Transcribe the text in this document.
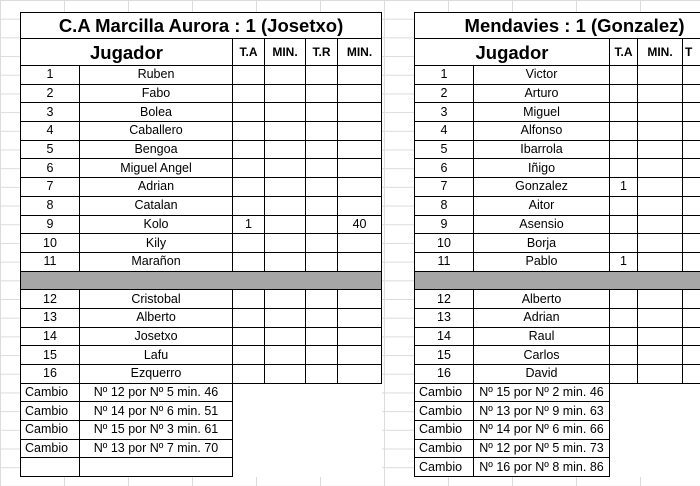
C.A Marcilla Aurora : 1 (Josetxo)					
Jugador		T.A	MIN.	T.R	MIN.
1	Ruben				
2	Fabo				
3	Bolea				
4	Caballero				
5	Bengoa				
6	Miguel Angel				
7	Adrian				
8	Catalan				
9	Kolo	1			40
10	Kily				
11	Marañon				

12	Cristobal				
13	Alberto				
14	Josetxo				
15	Lafu				
16	Ezquerro				
Cambio	Nº 12 por Nº 5 min. 46				
Cambio	Nº 14 por Nº 6 min. 51				
Cambio	Nº 15 por Nº 3 min. 61				
Cambio	Nº 13 por Nº 7 min. 70				

Mendavies : 1 (Gonzalez)				
Jugador		T.A	MIN.	T
1	Victor			
2	Arturo			
3	Miguel			
4	Alfonso			
5	Ibarrola			
6	Iñigo			
7	Gonzalez	1		
8	Aitor			
9	Asensio			
10	Borja			
11	Pablo	1		

12	Alberto			
13	Adrian			
14	Raul			
15	Carlos			
16	David			
Cambio	Nº 15 por Nº 2 min. 46			
Cambio	Nº 13 por Nº 9 min. 63			
Cambio	Nº 14 por Nº 6 min. 66			
Cambio	Nº 12 por Nº 5 min. 73			
Cambio	Nº 16 por Nº 8 min. 86			
